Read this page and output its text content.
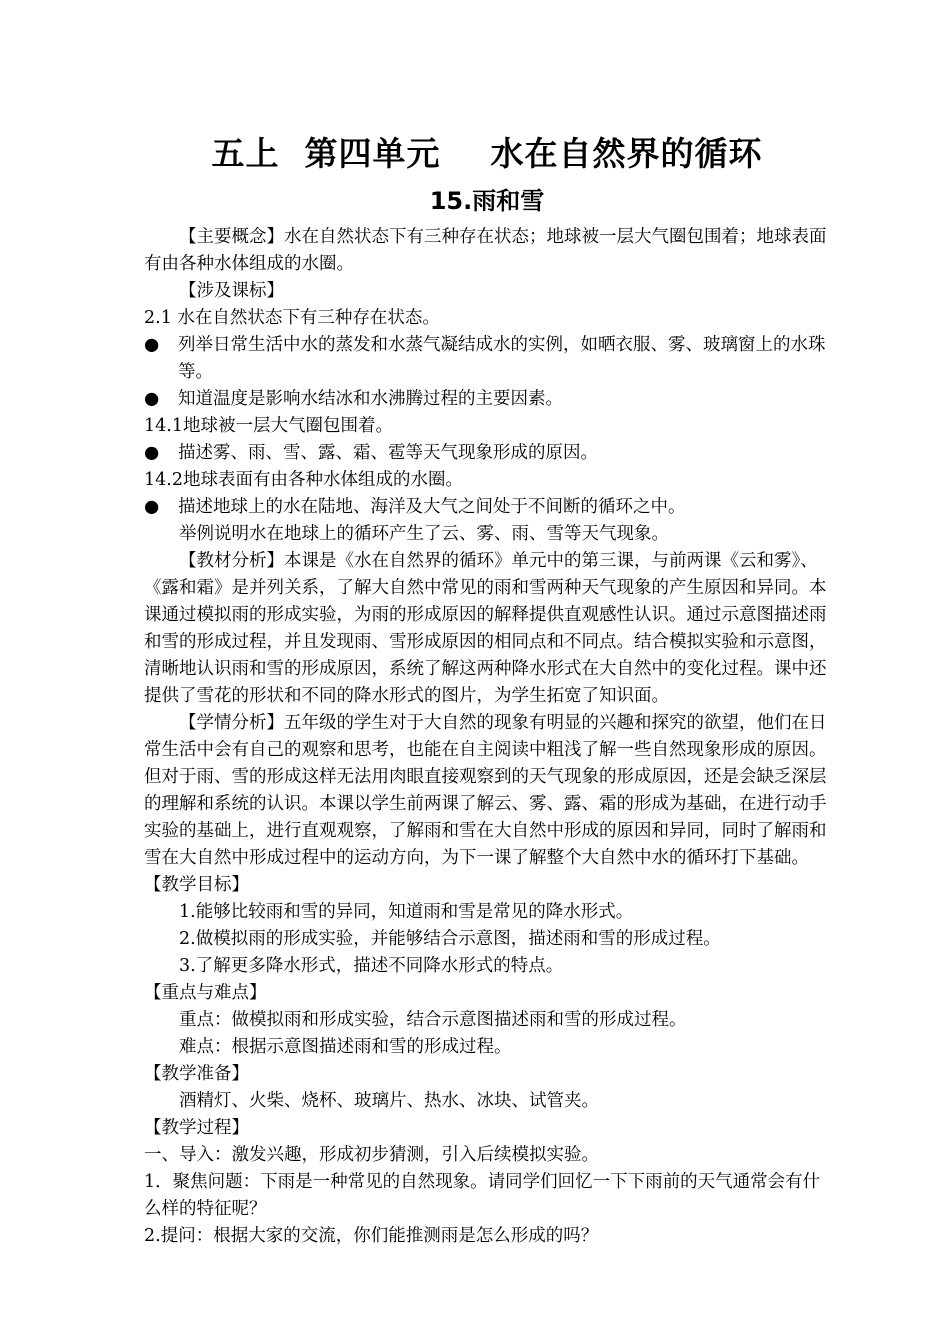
五上  第四单元    水在自然界的循环

15.雨和雪

【主要概念】水在自然状态下有三种存在状态；地球被一层大气圈包围着；地球表面有由各种水体组成的水圈。

【涉及课标】

2.1 水在自然状态下有三种存在状态。

● 列举日常生活中水的蒸发和水蒸气凝结成水的实例，如晒衣服、雾、玻璃窗上的水珠等。
● 知道温度是影响水结冰和水沸腾过程的主要因素。

14.1地球被一层大气圈包围着。

● 描述雾、雨、雪、露、霜、雹等天气现象形成的原因。

14.2地球表面有由各种水体组成的水圈。

● 描述地球上的水在陆地、海洋及大气之间处于不间断的循环之中。

举例说明水在地球上的循环产生了云、雾、雨、雪等天气现象。

【教材分析】本课是《水在自然界的循环》单元中的第三课，与前两课《云和雾》、《露和霜》是并列关系，了解大自然中常见的雨和雪两种天气现象的产生原因和异同。本课通过模拟雨的形成实验，为雨的形成原因的解释提供直观感性认识。通过示意图描述雨和雪的形成过程，并且发现雨、雪形成原因的相同点和不同点。结合模拟实验和示意图，清晰地认识雨和雪的形成原因，系统了解这两种降水形式在大自然中的变化过程。课中还提供了雪花的形状和不同的降水形式的图片，为学生拓宽了知识面。

【学情分析】五年级的学生对于大自然的现象有明显的兴趣和探究的欲望，他们在日常生活中会有自己的观察和思考，也能在自主阅读中粗浅了解一些自然现象形成的原因。但对于雨、雪的形成这样无法用肉眼直接观察到的天气现象的形成原因，还是会缺乏深层的理解和系统的认识。本课以学生前两课了解云、雾、露、霜的形成为基础，在进行动手实验的基础上，进行直观观察，了解雨和雪在大自然中形成的原因和异同，同时了解雨和雪在大自然中形成过程中的运动方向，为下一课了解整个大自然中水的循环打下基础。

【教学目标】

1.能够比较雨和雪的异同，知道雨和雪是常见的降水形式。

2.做模拟雨的形成实验，并能够结合示意图，描述雨和雪的形成过程。

3.了解更多降水形式，描述不同降水形式的特点。

【重点与难点】

重点：做模拟雨和形成实验，结合示意图描述雨和雪的形成过程。

难点：根据示意图描述雨和雪的形成过程。

【教学准备】

酒精灯、火柴、烧杯、玻璃片、热水、冰块、试管夹。

【教学过程】

一、导入：激发兴趣，形成初步猜测，引入后续模拟实验。

1．聚焦问题：下雨是一种常见的自然现象。请同学们回忆一下下雨前的天气通常会有什么样的特征呢？

2.提问：根据大家的交流，你们能推测雨是怎么形成的吗？
